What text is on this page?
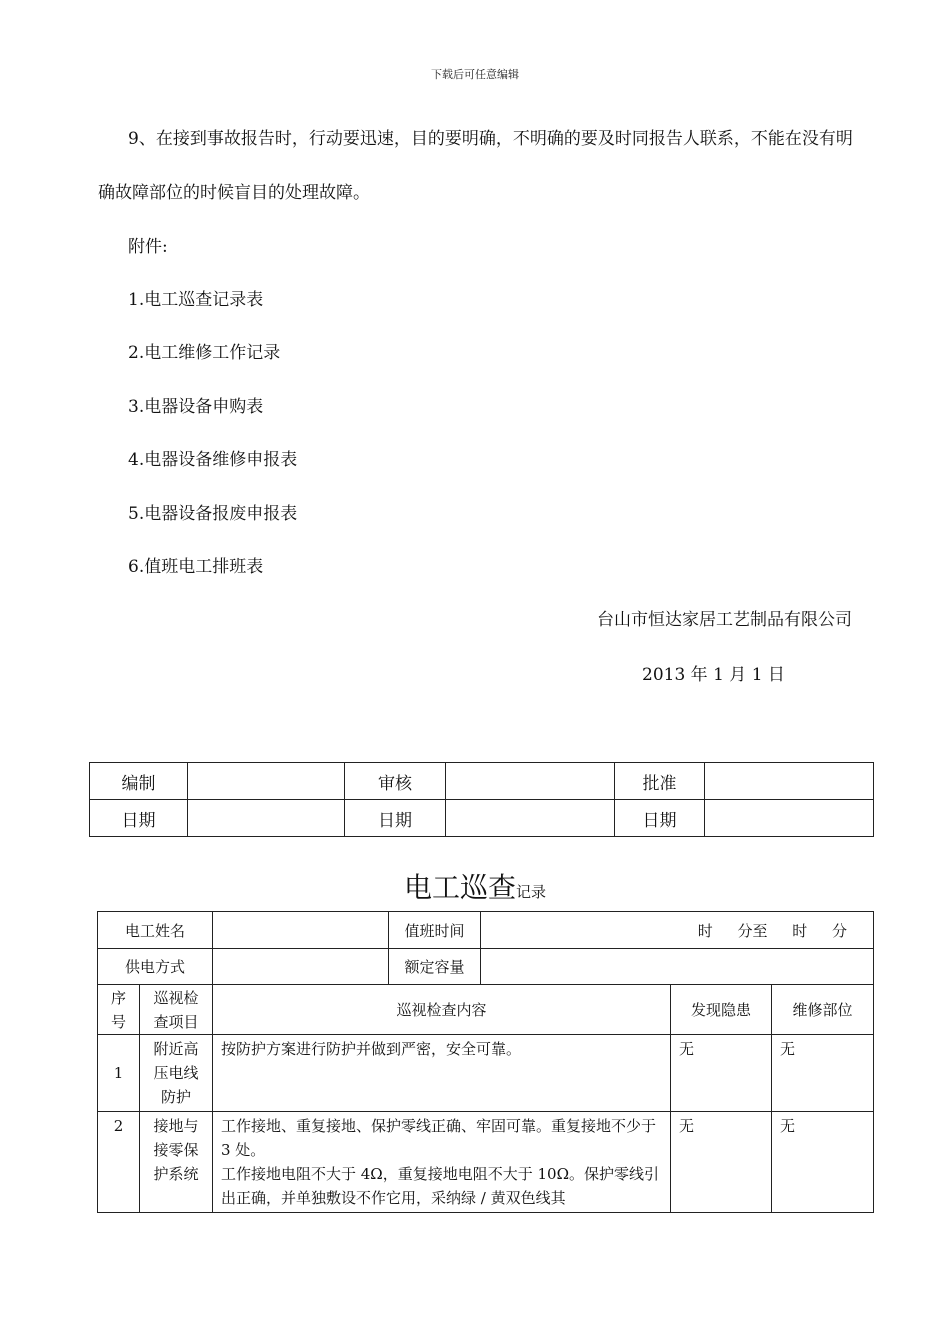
下载后可任意编辑
9、在接到事故报告时，行动要迅速，目的要明确，不明确的要及时同报告人联系，不能在没有明确故障部位的时候盲目的处理故障。
附件:
1.电工巡查记录表
2.电工维修工作记录
3.电器设备申购表
4.电器设备维修申报表
5.电器设备报废申报表
6.值班电工排班表
台山市恒达家居工艺制品有限公司
2013 年 1 月 1 日
编制		审核		批准	
日期		日期		日期	
电工巡查记录
电工姓名			值班时间	时 分至 时 分		
供电方式			额定容量			
序号	巡视检查项目	巡视检查内容			发现隐患	维修部位
1	附近高压电线防护	按防护方案进行防护并做到严密，安全可靠。			无	无
2	接地与接零保护系统	工作接地、重复接地、保护零线正确、牢固可靠。重复接地不少于 3 处。
工作接地电阻不大于 4Ω，重复接地电阻不大于 10Ω。保护零线引出正确，并单独敷设不作它用，采纳绿 / 黄双色线其			无	无
